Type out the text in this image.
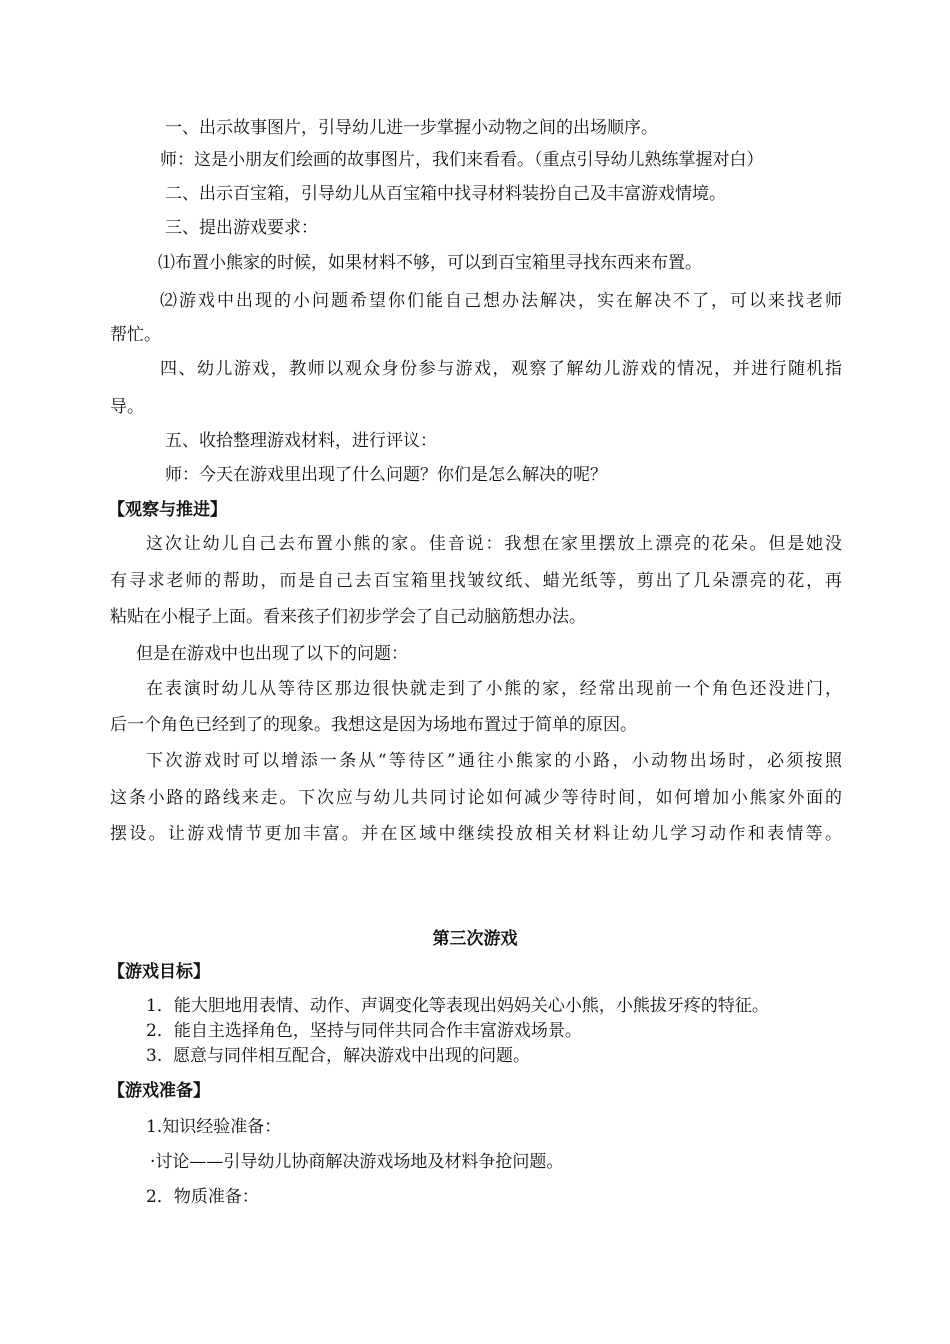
一、出示故事图片，引导幼儿进一步掌握小动物之间的出场顺序。
师：这是小朋友们绘画的故事图片，我们来看看。（重点引导幼儿熟练掌握对白）
二、出示百宝箱，引导幼儿从百宝箱中找寻材料装扮自己及丰富游戏情境。
三、提出游戏要求：
⑴布置小熊家的时候，如果材料不够，可以到百宝箱里寻找东西来布置。
⑵游戏中出现的小问题希望你们能自己想办法解决，实在解决不了，可以来找老师
帮忙。
四、幼儿游戏，教师以观众身份参与游戏，观察了解幼儿游戏的情况，并进行随机指
导。
五、收拾整理游戏材料，进行评议：
师：今天在游戏里出现了什么问题？你们是怎么解决的呢？
【观察与推进】
这次让幼儿自己去布置小熊的家。佳音说：我想在家里摆放上漂亮的花朵。但是她没
有寻求老师的帮助，而是自己去百宝箱里找皱纹纸、蜡光纸等，剪出了几朵漂亮的花，再
粘贴在小棍子上面。看来孩子们初步学会了自己动脑筋想办法。
但是在游戏中也出现了以下的问题：
在表演时幼儿从等待区那边很快就走到了小熊的家，经常出现前一个角色还没进门，
后一个角色已经到了的现象。我想这是因为场地布置过于简单的原因。
下次游戏时可以增添一条从“等待区”通往小熊家的小路，小动物出场时，必须按照
这条小路的路线来走。下次应与幼儿共同讨论如何减少等待时间，如何增加小熊家外面的
摆设。让游戏情节更加丰富。并在区域中继续投放相关材料让幼儿学习动作和表情等。
第三次游戏
【游戏目标】
1．能大胆地用表情、动作、声调变化等表现出妈妈关心小熊，小熊拔牙疼的特征。
2．能自主选择角色，坚持与同伴共同合作丰富游戏场景。
3.  愿意与同伴相互配合，解决游戏中出现的问题。
【游戏准备】
1.知识经验准备：
·讨论——引导幼儿协商解决游戏场地及材料争抢问题。
2．物质准备：
